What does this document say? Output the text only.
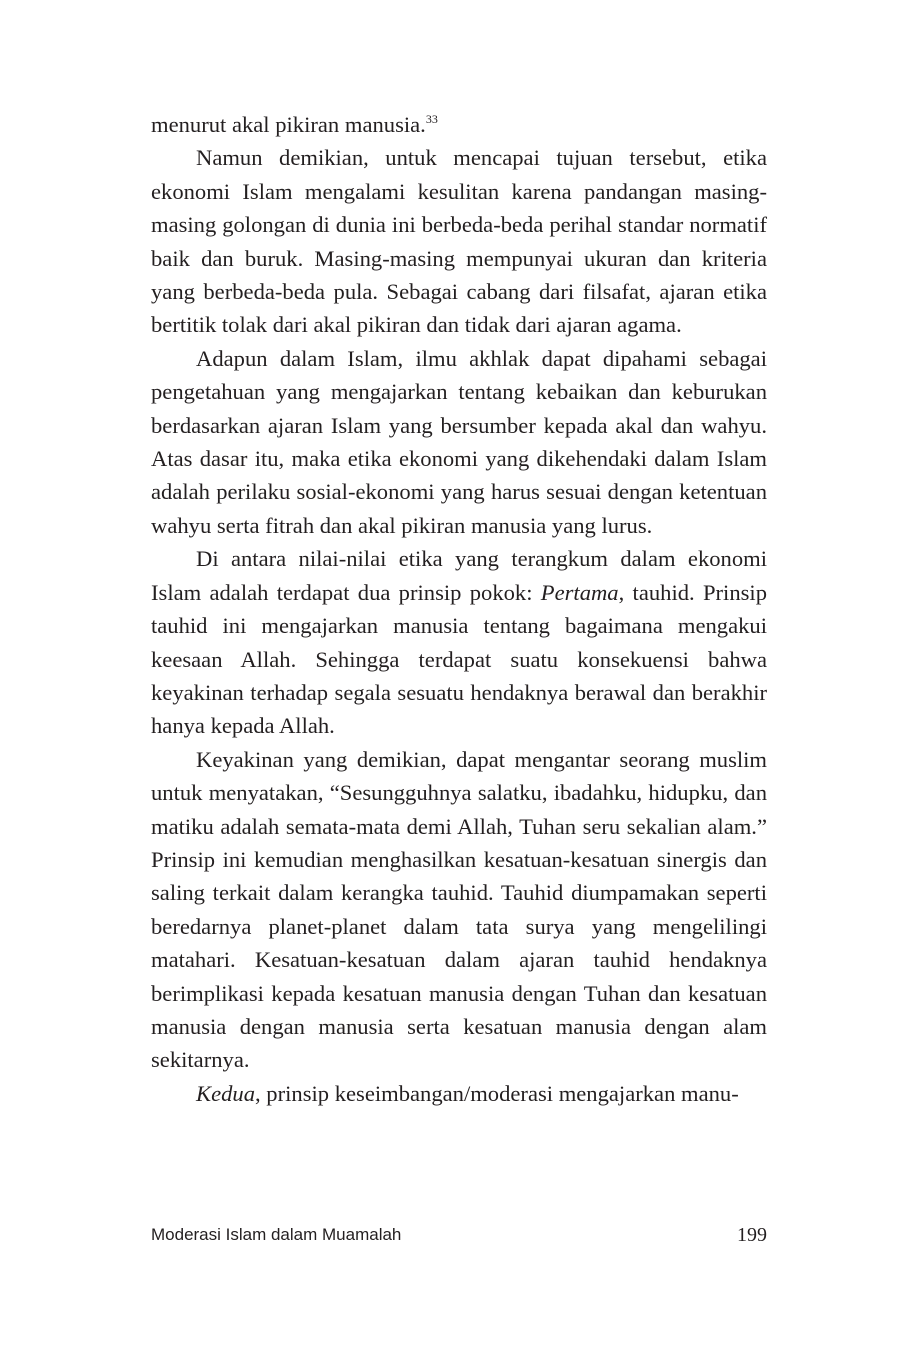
menurut akal pikiran manusia.$^{33}$

Namun demikian, untuk mencapai tujuan tersebut, etika ekonomi Islam mengalami kesulitan karena pandangan masing-masing golongan di dunia ini berbeda-beda perihal standar normatif baik dan buruk. Masing-masing mempunyai ukuran dan kriteria yang berbeda-beda pula. Sebagai cabang dari filsafat, ajaran etika bertitik tolak dari akal pikiran dan tidak dari ajaran agama.

Adapun dalam Islam, ilmu akhlak dapat dipahami sebagai pengetahuan yang mengajarkan tentang kebaikan dan keburukan berdasarkan ajaran Islam yang bersumber kepada akal dan wahyu. Atas dasar itu, maka etika ekonomi yang dikehendaki dalam Islam adalah perilaku sosial-ekonomi yang harus sesuai dengan ketentuan wahyu serta fitrah dan akal pikiran manusia yang lurus.

Di antara nilai-nilai etika yang terangkum dalam ekonomi Islam adalah terdapat dua prinsip pokok: Pertama, tauhid. Prinsip tauhid ini mengajarkan manusia tentang bagaimana mengakui keesaan Allah. Sehingga terdapat suatu konsekuensi bahwa keyakinan terhadap segala sesuatu hendaknya berawal dan berakhir hanya kepada Allah.

Keyakinan yang demikian, dapat mengantar seorang muslim untuk menyatakan, “Sesungguhnya salatku, ibadahku, hidupku, dan matiku adalah semata-mata demi Allah, Tuhan seru sekalian alam.” Prinsip ini kemudian menghasilkan kesatuan-kesatuan sinergis dan saling terkait dalam kerangka tauhid. Tauhid diumpamakan seperti beredarnya planet-planet dalam tata surya yang mengelilingi matahari. Kesatuan-kesatuan dalam ajaran tauhid hendaknya berimplikasi kepada kesatuan manusia dengan Tuhan dan kesatuan manusia dengan manusia serta kesatuan manusia dengan alam sekitarnya.

Kedua, prinsip keseimbangan/moderasi mengajarkan manu-

Moderasi Islam dalam Muamalah	199
